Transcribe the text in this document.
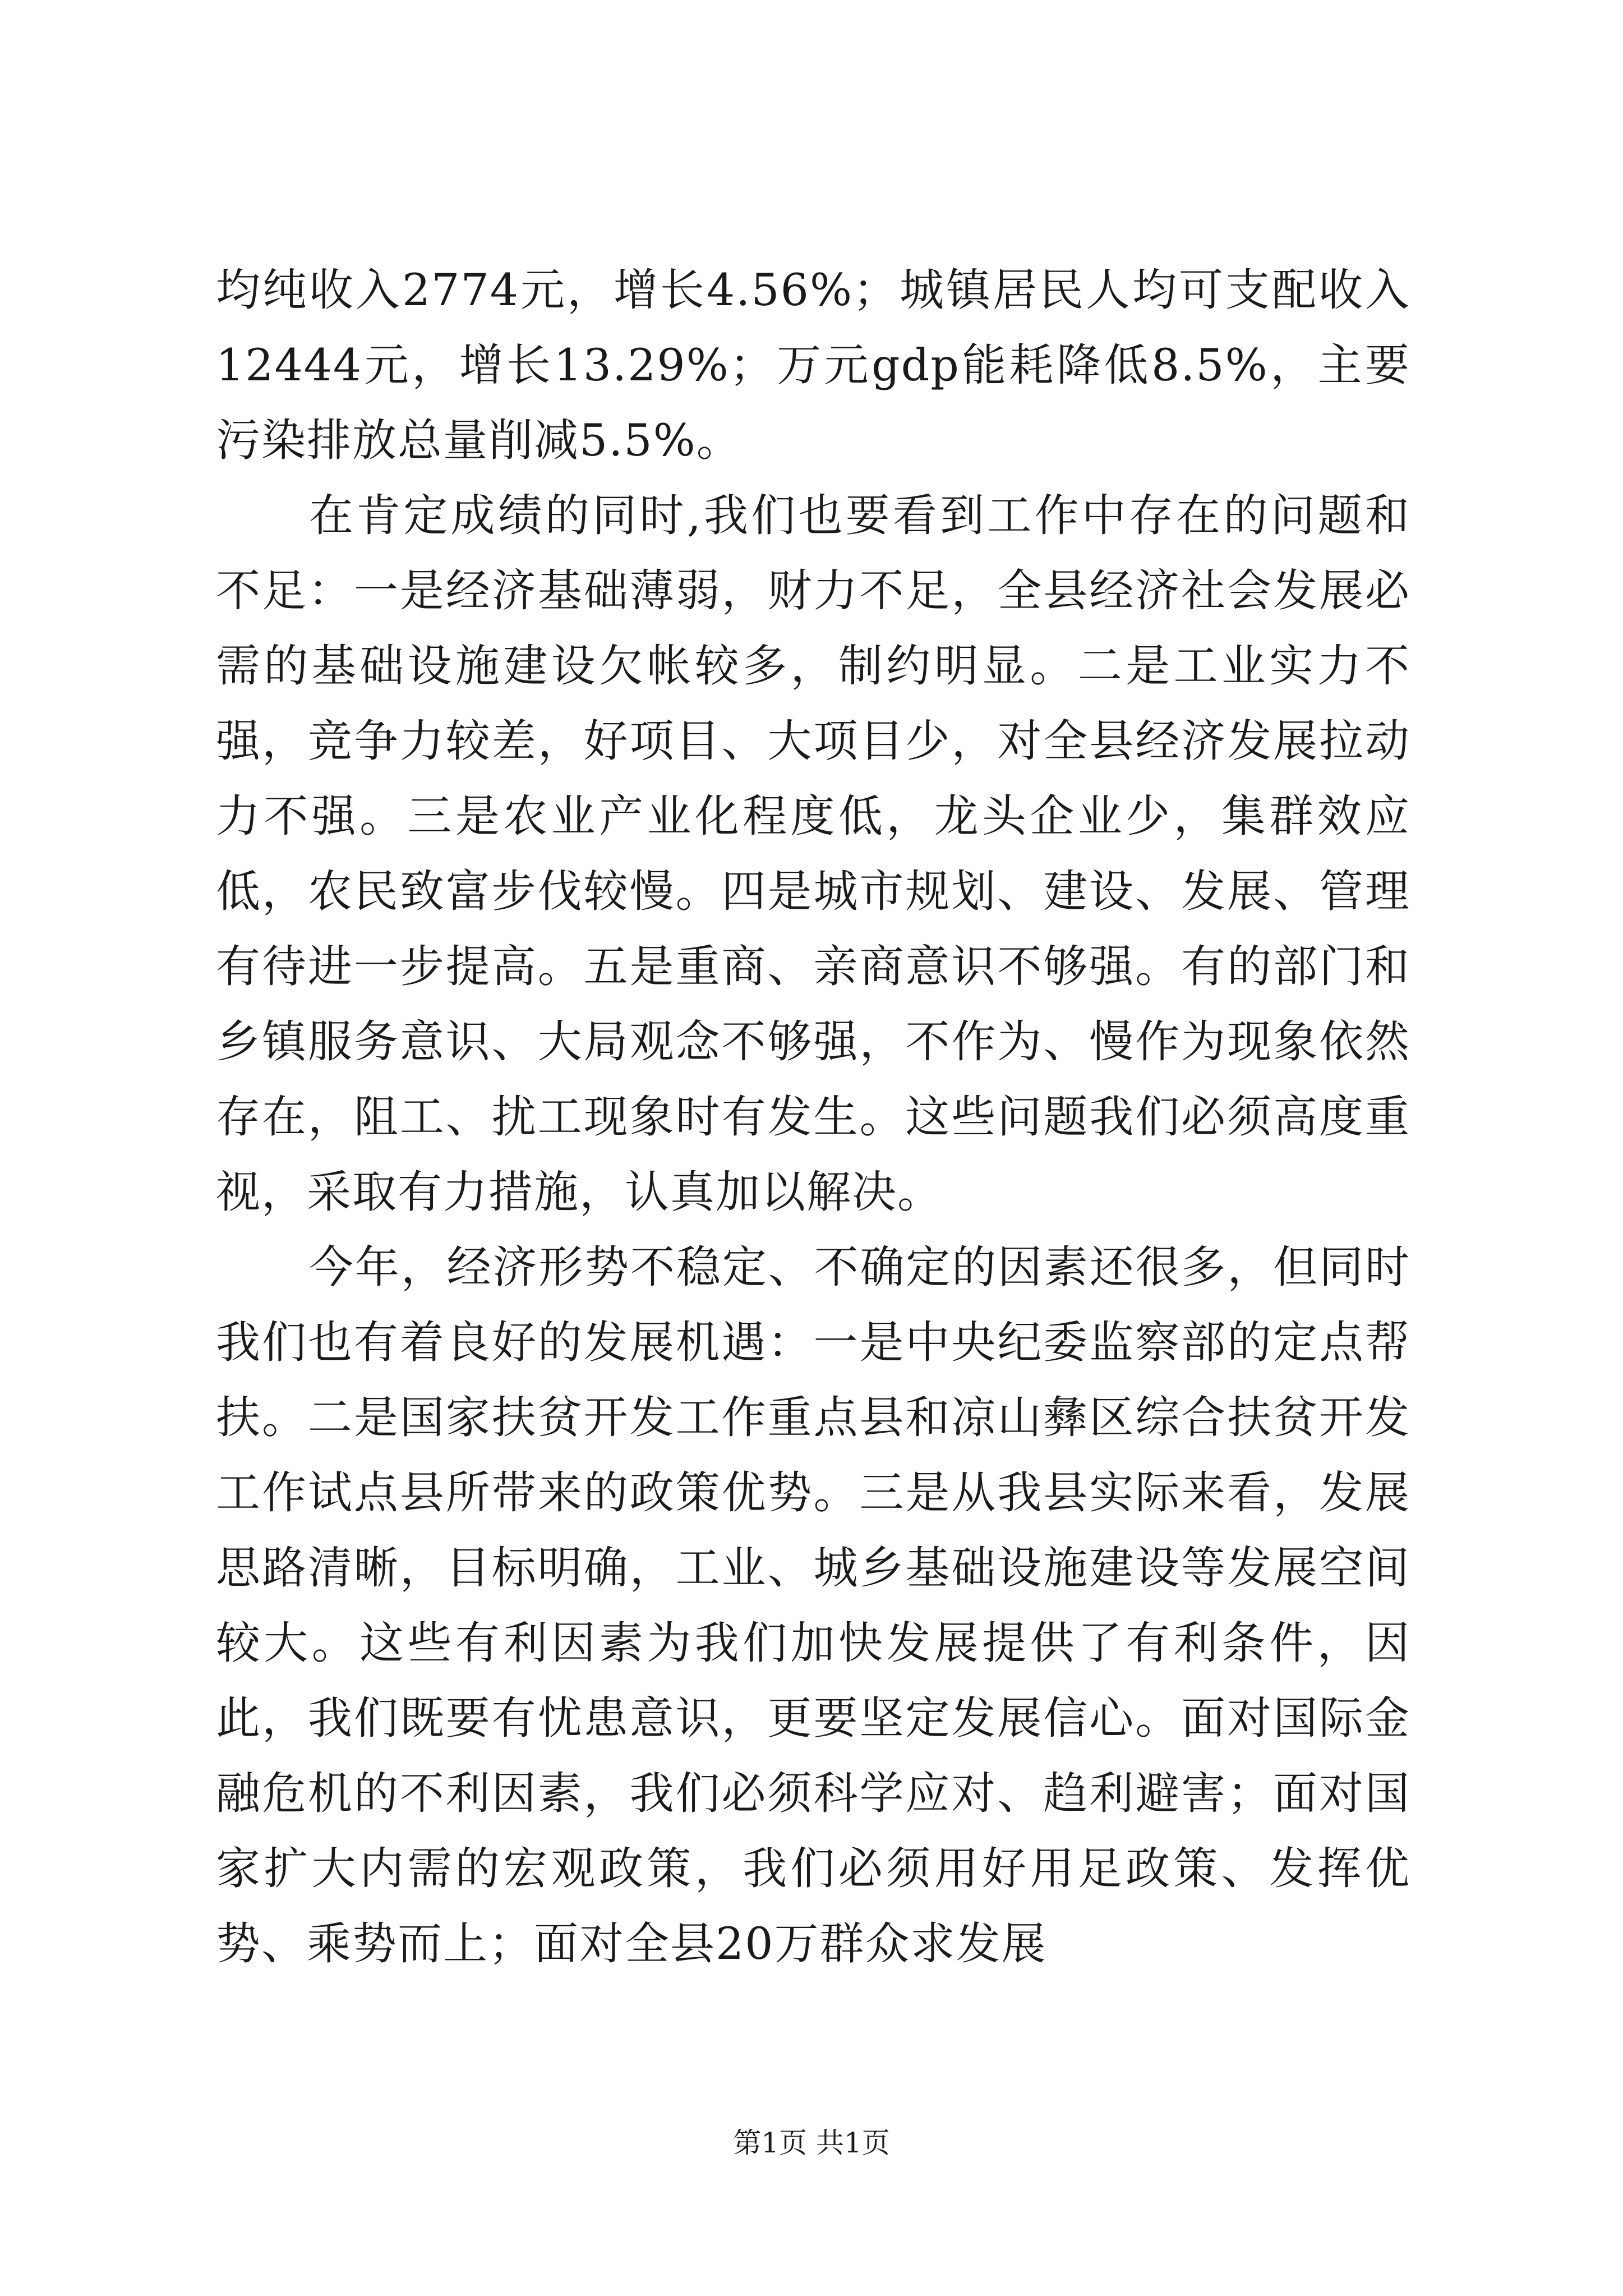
均纯收入2774元，增长4.56%；城镇居民人均可支配收入12444元，增长13.29%；万元gdp能耗降低8.5%，主要污染排放总量削减5.5%。

在肯定成绩的同时,我们也要看到工作中存在的问题和不足：一是经济基础薄弱，财力不足，全县经济社会发展必需的基础设施建设欠帐较多，制约明显。二是工业实力不强，竞争力较差，好项目、大项目少，对全县经济发展拉动力不强。三是农业产业化程度低，龙头企业少，集群效应低，农民致富步伐较慢。四是城市规划、建设、发展、管理有待进一步提高。五是重商、亲商意识不够强。有的部门和乡镇服务意识、大局观念不够强，不作为、慢作为现象依然存在，阻工、扰工现象时有发生。这些问题我们必须高度重视，采取有力措施，认真加以解决。

今年，经济形势不稳定、不确定的因素还很多，但同时我们也有着良好的发展机遇：一是中央纪委监察部的定点帮扶。二是国家扶贫开发工作重点县和凉山彝区综合扶贫开发工作试点县所带来的政策优势。三是从我县实际来看，发展思路清晰，目标明确，工业、城乡基础设施建设等发展空间较大。这些有利因素为我们加快发展提供了有利条件，因此，我们既要有忧患意识，更要坚定发展信心。面对国际金融危机的不利因素，我们必须科学应对、趋利避害；面对国家扩大内需的宏观政策，我们必须用好用足政策、发挥优势、乘势而上；面对全县20万群众求发展

第1页 共1页
